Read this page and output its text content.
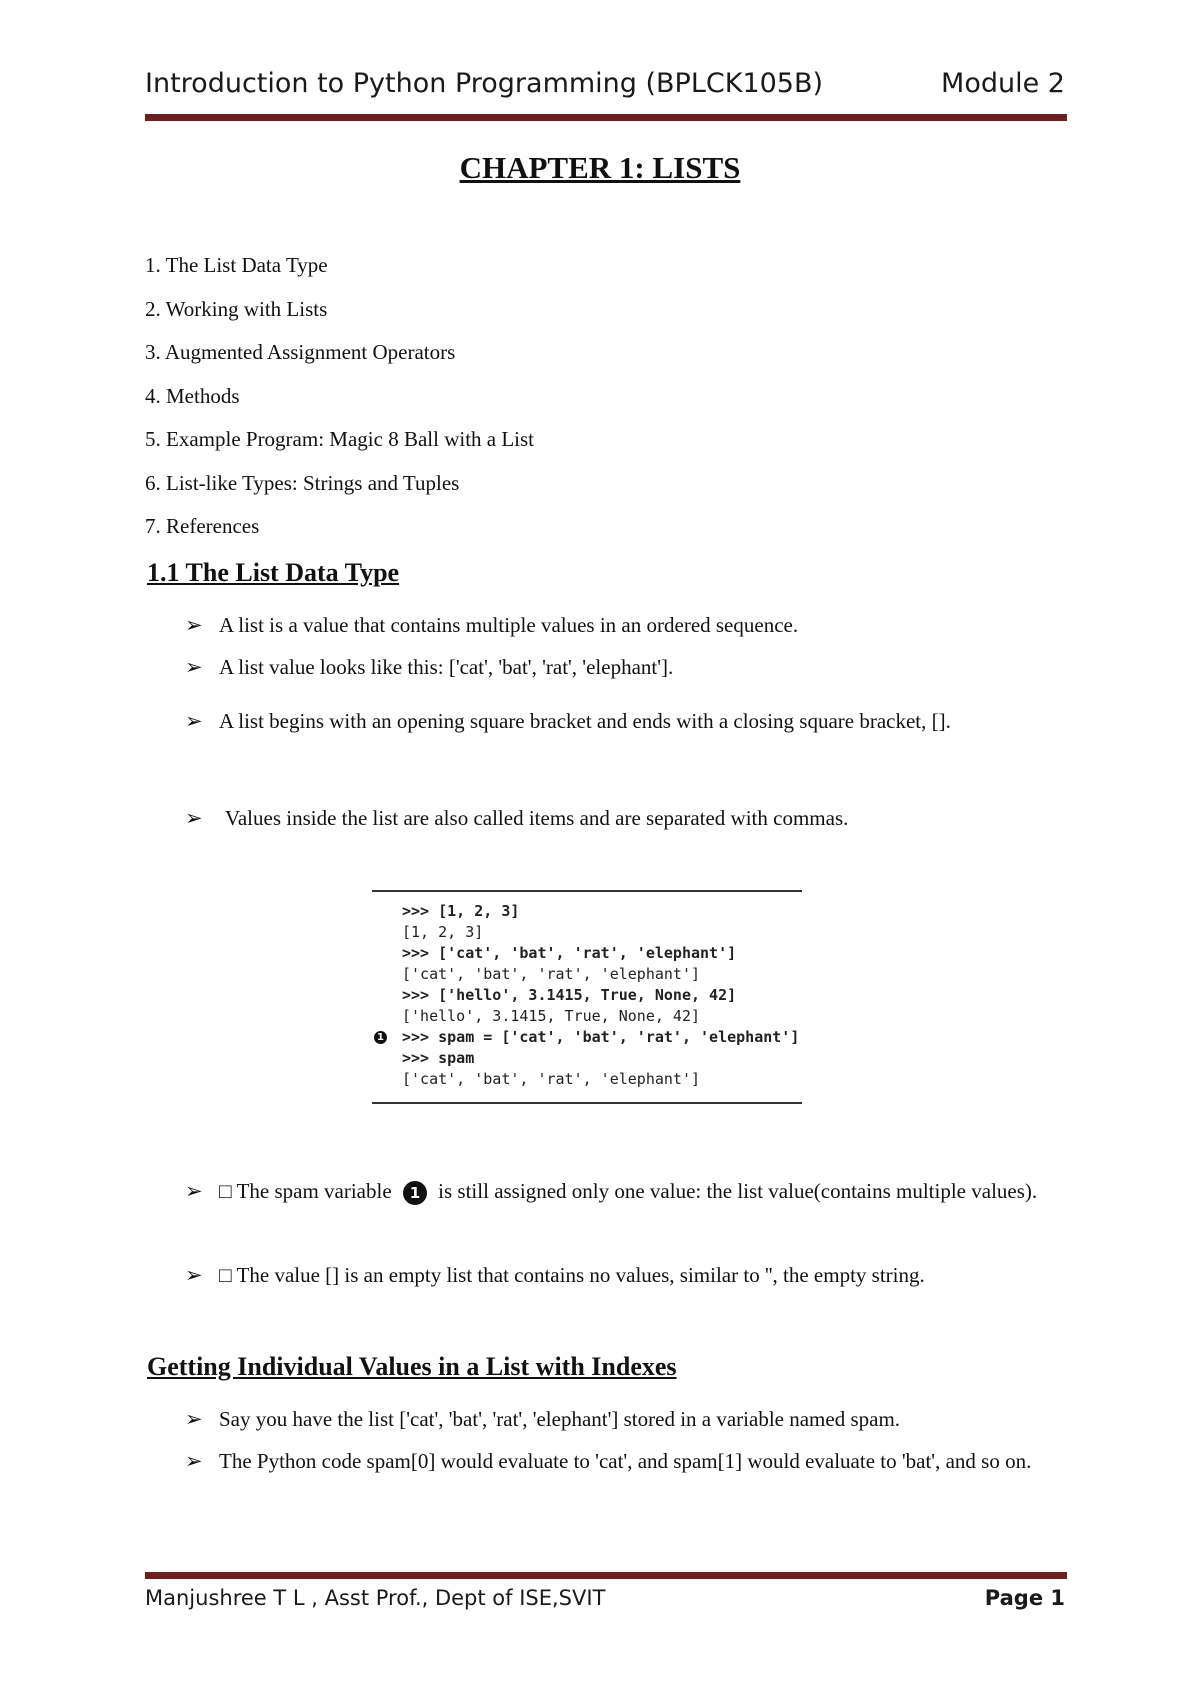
Introduction to Python Programming (BPLCK105B)	Module 2
CHAPTER 1: LISTS
1. The List Data Type
2. Working with Lists
3. Augmented Assignment Operators
4. Methods
5. Example Program: Magic 8 Ball with a List
6. List-like Types: Strings and Tuples
7. References
1.1 The List Data Type
➢ A list is a value that contains multiple values in an ordered sequence.
➢ A list value looks like this: ['cat', 'bat', 'rat', 'elephant'].
➢ A list begins with an opening square bracket and ends with a closing square bracket, [].
➢	Values inside the list are also called items and are separated with commas.
>>> [1, 2, 3]
[1, 2, 3]
>>> ['cat', 'bat', 'rat', 'elephant']
['cat', 'bat', 'rat', 'elephant']
>>> ['hello', 3.1415, True, None, 42]
['hello', 3.1415, True, None, 42]
1 >>> spam = ['cat', 'bat', 'rat', 'elephant']
>>> spam
['cat', 'bat', 'rat', 'elephant']
➢ □ The spam variable 1 is still assigned only one value: the list value(contains multiple values).
➢ □ The value [] is an empty list that contains no values, similar to '', the empty string.
Getting Individual Values in a List with Indexes
➢ Say you have the list ['cat', 'bat', 'rat', 'elephant'] stored in a variable named spam.
➢ The Python code spam[0] would evaluate to 'cat', and spam[1] would evaluate to 'bat', and so on.
Manjushree T L , Asst Prof., Dept of ISE,SVIT	Page 1
